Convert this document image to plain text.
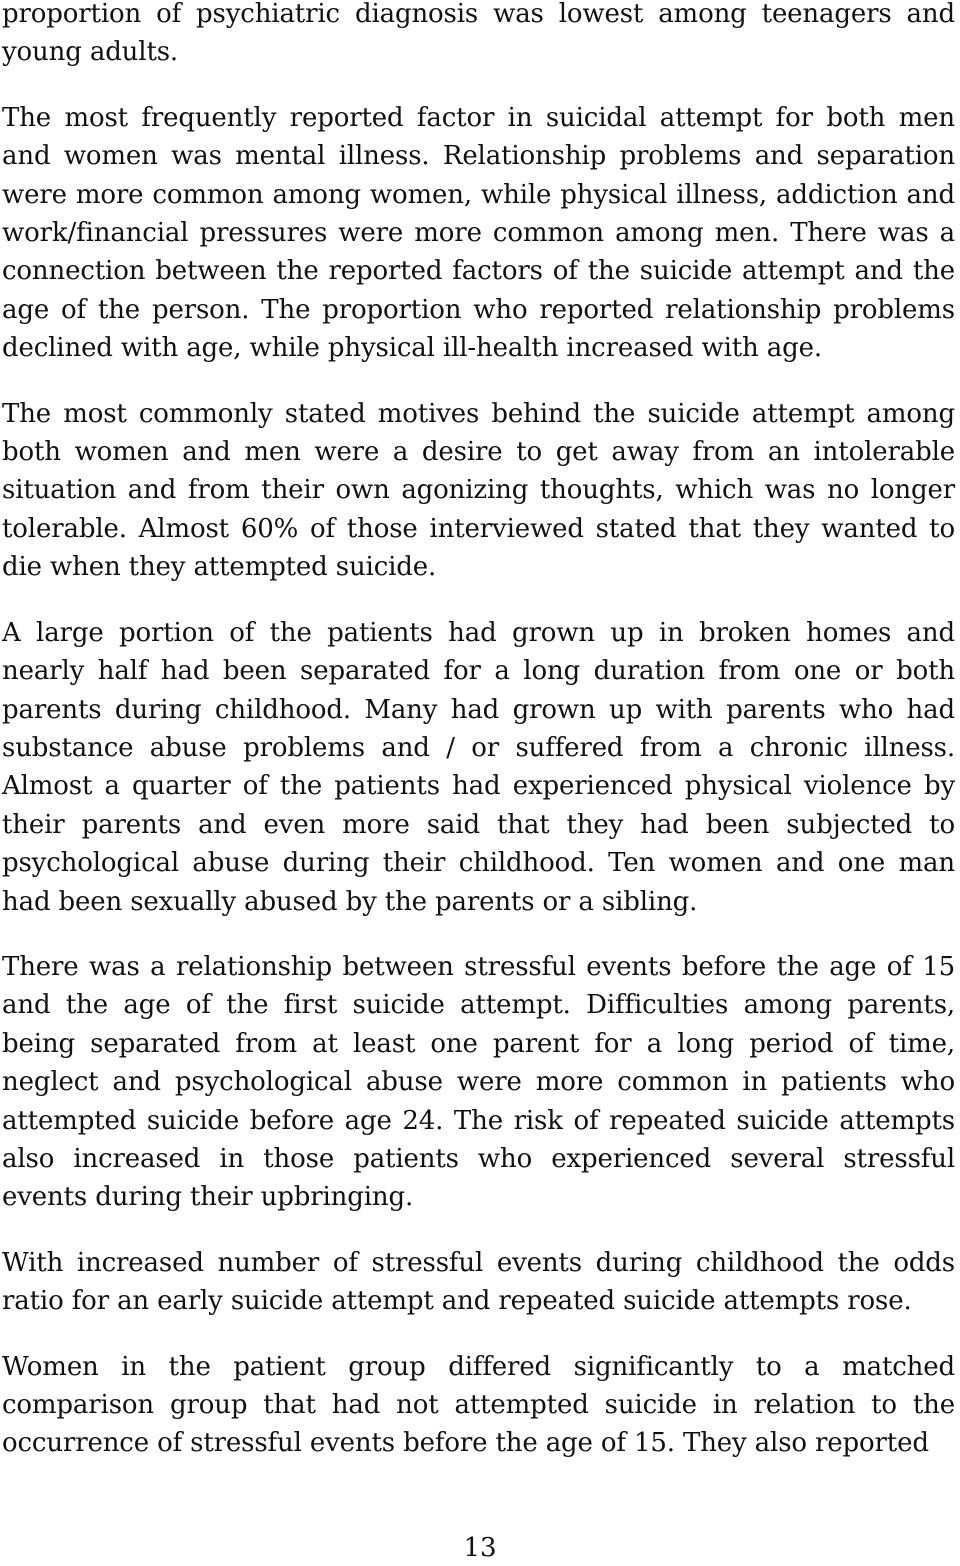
proportion of psychiatric diagnosis was lowest among teenagers and young adults.

The most frequently reported factor in suicidal attempt for both men and women was mental illness. Relationship problems and separation were more common among women, while physical illness, addiction and work/financial pressures were more common among men. There was a connection between the reported factors of the suicide attempt and the age of the person. The proportion who reported relationship problems declined with age, while physical ill-health increased with age.

The most commonly stated motives behind the suicide attempt among both women and men were a desire to get away from an intolerable situation and from their own agonizing thoughts, which was no longer tolerable. Almost 60% of those interviewed stated that they wanted to die when they attempted suicide.

A large portion of the patients had grown up in broken homes and nearly half had been separated for a long duration from one or both parents during childhood. Many had grown up with parents who had substance abuse problems and / or suffered from a chronic illness. Almost a quarter of the patients had experienced physical violence by their parents and even more said that they had been subjected to psychological abuse during their childhood. Ten women and one man had been sexually abused by the parents or a sibling.

There was a relationship between stressful events before the age of 15 and the age of the first suicide attempt. Difficulties among parents, being separated from at least one parent for a long period of time, neglect and psychological abuse were more common in patients who attempted suicide before age 24. The risk of repeated suicide attempts also increased in those patients who experienced several stressful events during their upbringing.

With increased number of stressful events during childhood the odds ratio for an early suicide attempt and repeated suicide attempts rose.

Women in the patient group differed significantly to a matched comparison group that had not attempted suicide in relation to the occurrence of stressful events before the age of 15. They also reported

13
